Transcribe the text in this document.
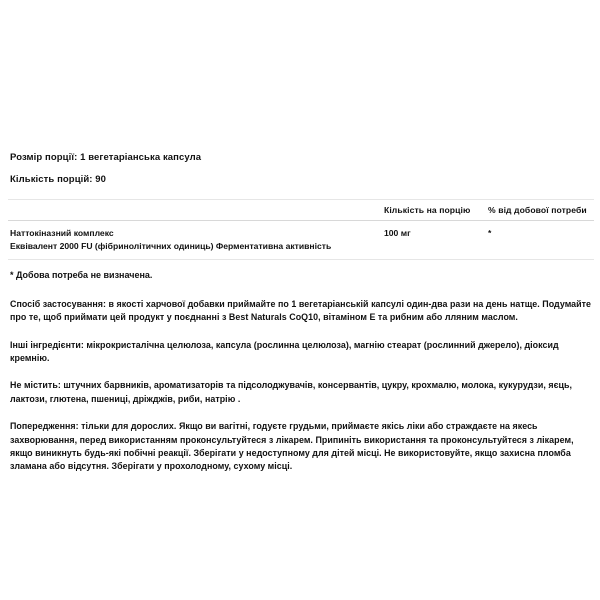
Розмір порції: 1 вегетаріанська капсула

Кількість порцій: 90

	Кількість на порцію	% від добової потреби
Наттокіназний комплекс
Еквівалент 2000 FU (фібринолітичних одиниць) Ферментативна активність	100 мг	*

* Добова потреба не визначена.

Спосіб застосування: в якості харчової добавки приймайте по 1 вегетаріанській капсулі один-два рази на день натще. Подумайте про те, щоб приймати цей продукт у поєднанні з Best Naturals CoQ10, вітаміном Е та рибним або лляним маслом.

Інші інгредієнти: мікрокристалічна целюлоза, капсула (рослинна целюлоза), магнію стеарат (рослинний джерело), діоксид кремнію.

Не містить: штучних барвників, ароматизаторів та підсолоджувачів, консервантів, цукру, крохмалю, молока, кукурудзи, яєць, лактози, глютена, пшениці, дріжджів, риби, натрію .

Попередження: тільки для дорослих. Якщо ви вагітні, годуєте грудьми, приймаєте якісь ліки або страждаєте на якесь захворювання, перед використанням проконсультуйтеся з лікарем. Припиніть використання та проконсультуйтеся з лікарем, якщо виникнуть будь-які побічні реакції. Зберігати у недоступному для дітей місці. Не використовуйте, якщо захисна пломба зламана або відсутня. Зберігати у прохолодному, сухому місці.
